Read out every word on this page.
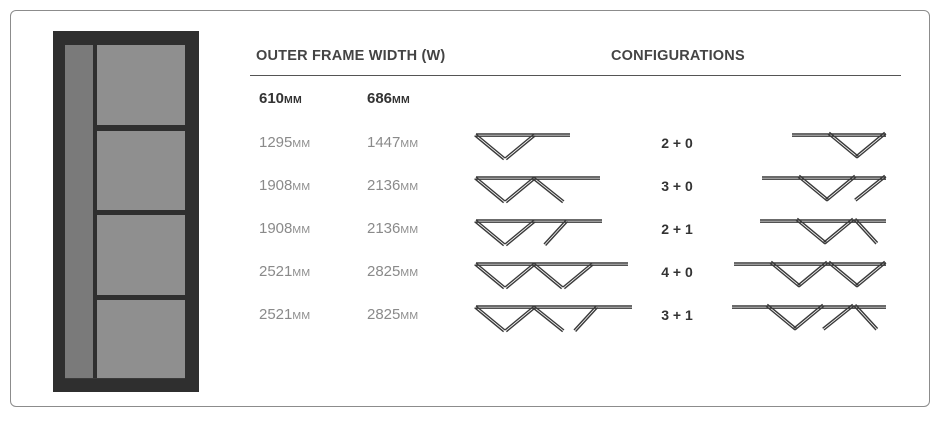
OUTER FRAME WIDTH (W)	CONFIGURATIONS
610MM	686MM
1295MM	1447MM	2 + 0
1908MM	2136MM	3 + 0
1908MM	2136MM	2 + 1
2521MM	2825MM	4 + 0
2521MM	2825MM	3 + 1
